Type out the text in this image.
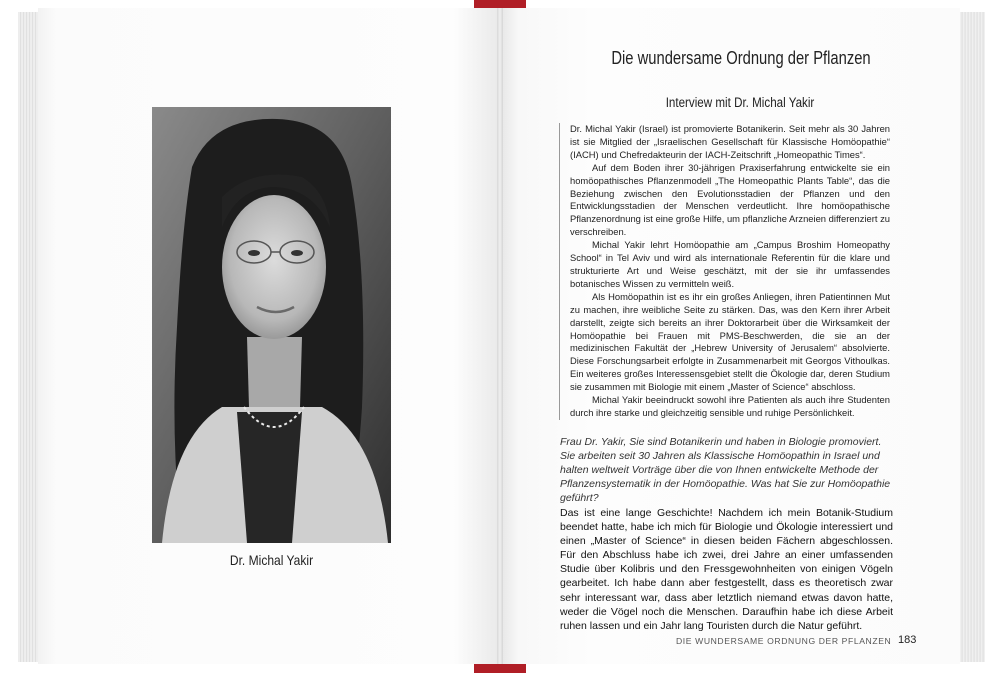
Dr. Michal Yakir
Die wundersame Ordnung der Pflanzen
Interview mit Dr. Michal Yakir

Dr. Michal Yakir (Israel) ist promovierte Botanikerin. Seit mehr als 30 Jahren ist sie Mitglied der „Israelischen Gesellschaft für Klassische Homöopathie“ (IACH) und Chefredakteurin der IACH-Zeitschrift „Homeopathic Times“.

Auf dem Boden ihrer 30-jährigen Praxiserfahrung entwickelte sie ein homöopathisches Pflanzenmodell „The Homeopathic Plants Table“, das die Beziehung zwischen den Evolutionsstadien der Pflanzen und den Entwicklungsstadien der Menschen verdeutlicht. Ihre homöopathische Pflanzenordnung ist eine große Hilfe, um pflanzliche Arzneien differenziert zu verschreiben.

Michal Yakir lehrt Homöopathie am „Campus Broshim Homeopathy School“ in Tel Aviv und wird als internationale Referentin für die klare und strukturierte Art und Weise geschätzt, mit der sie ihr umfassendes botanisches Wissen zu vermitteln weiß.

Als Homöopathin ist es ihr ein großes Anliegen, ihren Patientinnen Mut zu machen, ihre weibliche Seite zu stärken. Das, was den Kern ihrer Arbeit darstellt, zeigte sich bereits an ihrer Doktorarbeit über die Wirksamkeit der Homöopathie bei Frauen mit PMS-Beschwerden, die sie an der medizinischen Fakultät der „Hebrew University of Jerusalem“ absolvierte. Diese Forschungsarbeit erfolgte in Zusammenarbeit mit Georgos Vithoulkas. Ein weiteres großes Interessensgebiet stellt die Ökologie dar, deren Studium sie zusammen mit Biologie mit einem „Master of Science“ abschloss.

Michal Yakir beeindruckt sowohl ihre Patienten als auch ihre Studenten durch ihre starke und gleichzeitig sensible und ruhige Persönlichkeit.

Frau Dr. Yakir, Sie sind Botanikerin und haben in Biologie promoviert. Sie arbeiten seit 30 Jahren als Klassische Homöopathin in Israel und halten weltweit Vorträge über die von Ihnen entwickelte Methode der Pflanzensystematik in der Homöopathie. Was hat Sie zur Homöopathie geführt?
Das ist eine lange Geschichte! Nachdem ich mein Botanik-Studium beendet hatte, habe ich mich für Biologie und Ökologie interessiert und einen „Master of Science“ in diesen beiden Fächern abgeschlossen. Für den Abschluss habe ich zwei, drei Jahre an einer umfassenden Studie über Kolibris und den Fressgewohnheiten von einigen Vögeln gearbeitet. Ich habe dann aber festgestellt, dass es theoretisch zwar sehr interessant war, dass aber letztlich niemand etwas davon hatte, weder die Vögel noch die Menschen. Daraufhin habe ich diese Arbeit ruhen lassen und ein Jahr lang Touristen durch die Natur geführt.
DIE WUNDERSAME ORDNUNG DER PFLANZEN 183
